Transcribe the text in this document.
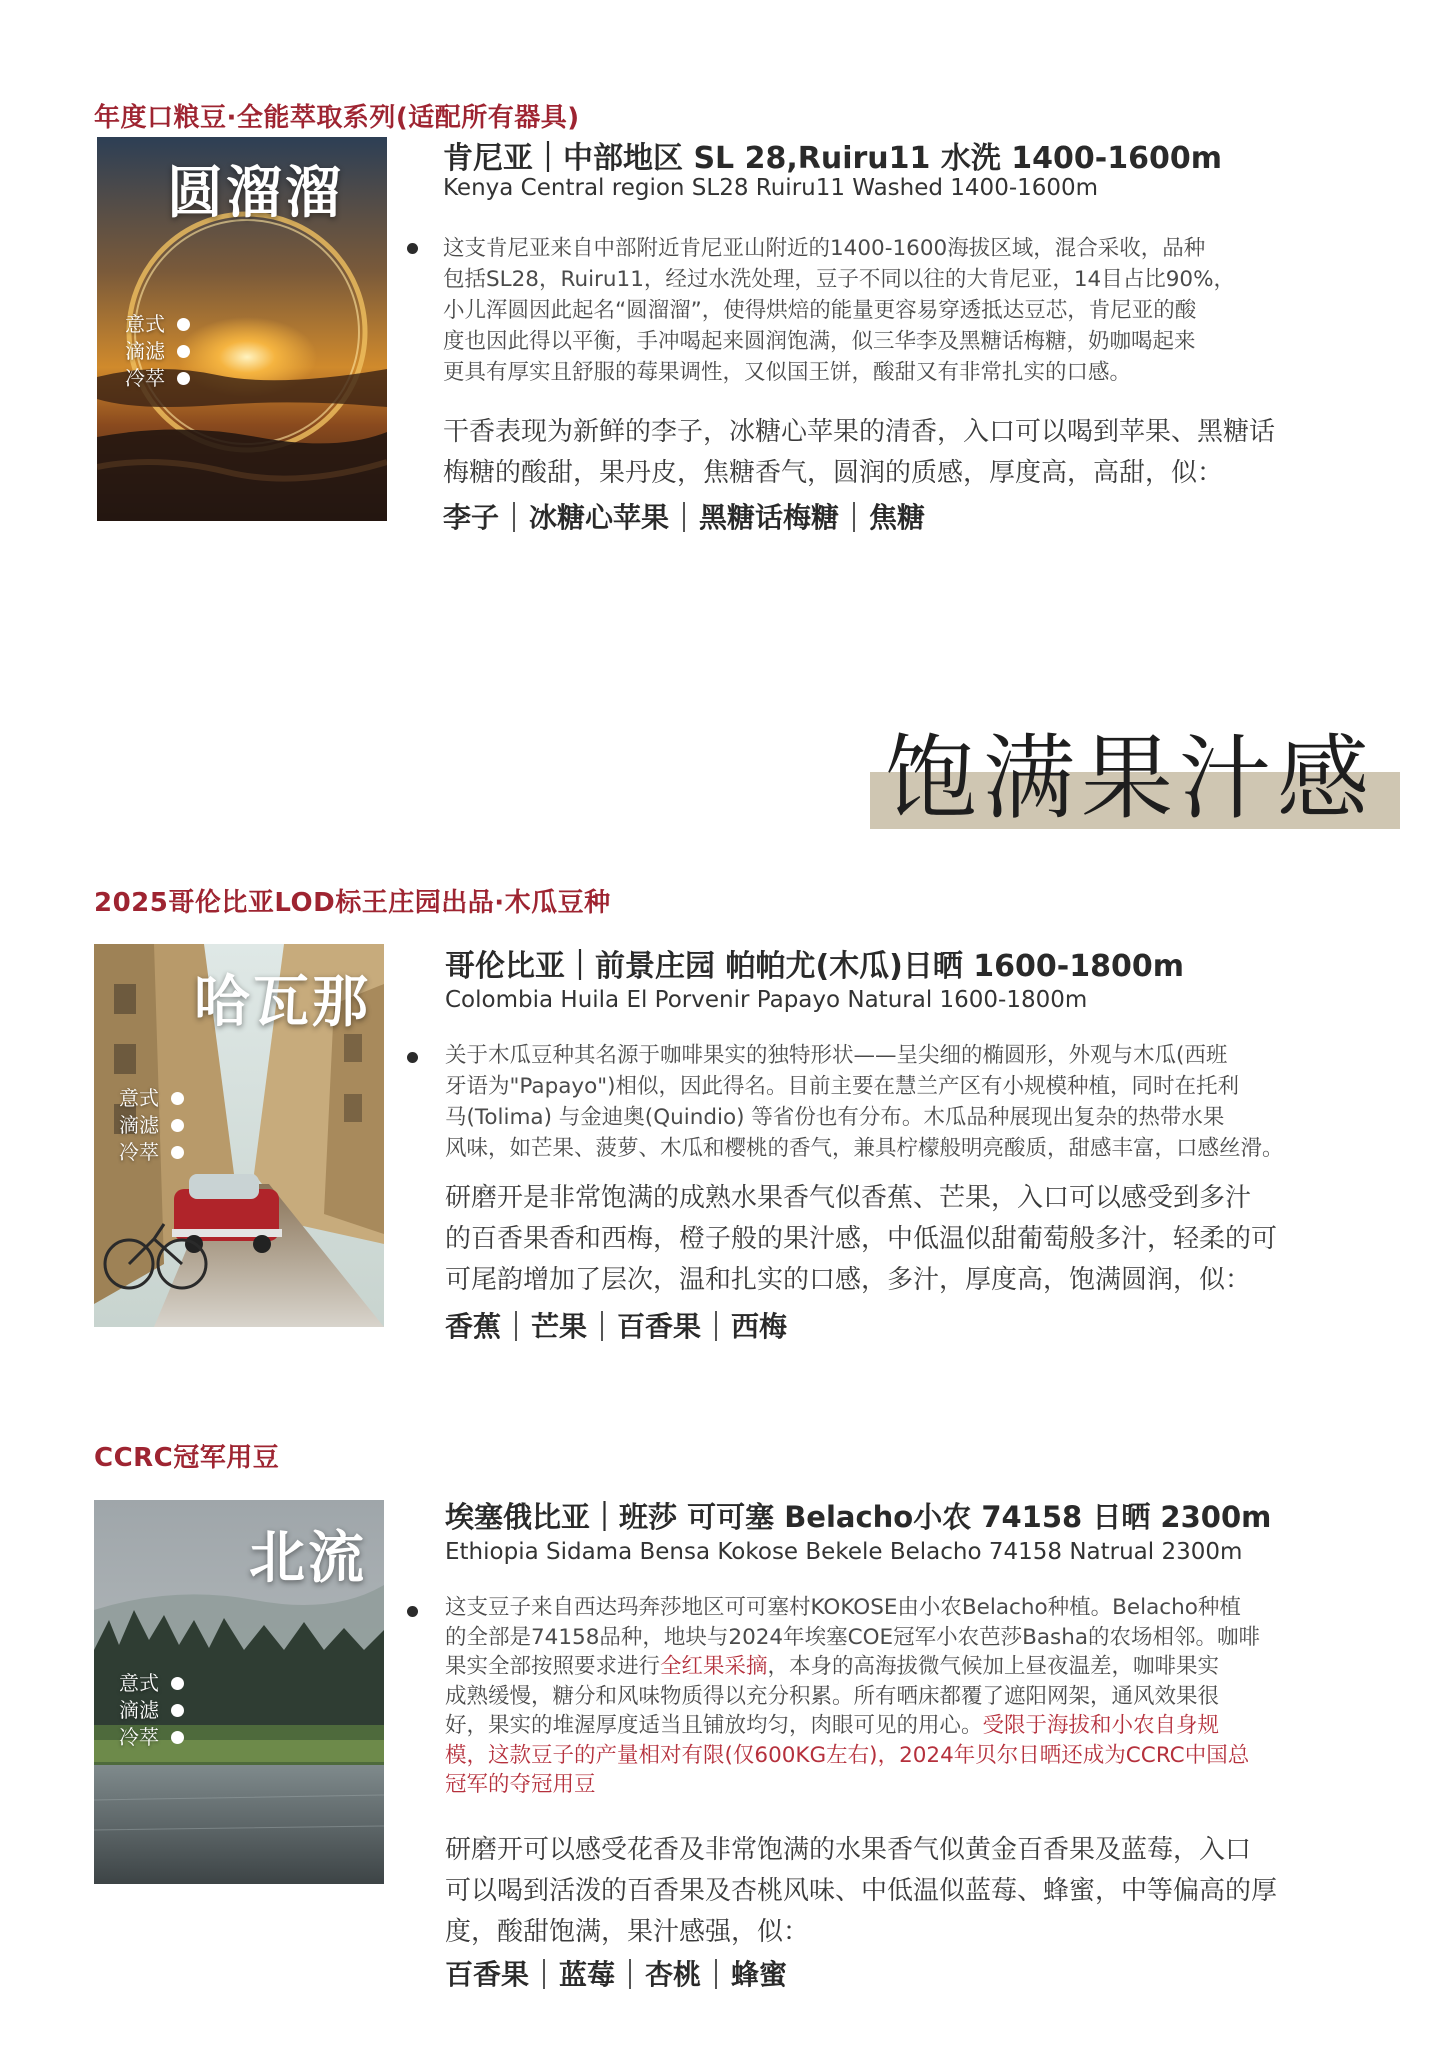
年度口粮豆·全能萃取系列(适配所有器具)
圆溜溜
意式
滴滤
冷萃
肯尼亚｜中部地区 SL 28,Ruiru11 水洗 1400-1600m
Kenya Central region SL28 Ruiru11 Washed 1400-1600m
这支肯尼亚来自中部附近肯尼亚山附近的1400-1600海拔区域，混合采收，品种
包括SL28，Ruiru11，经过水洗处理，豆子不同以往的大肯尼亚，14目占比90%，
小儿浑圆因此起名“圆溜溜”，使得烘焙的能量更容易穿透抵达豆芯，肯尼亚的酸
度也因此得以平衡，手冲喝起来圆润饱满，似三华李及黑糖话梅糖，奶咖喝起来
更具有厚实且舒服的莓果调性，又似国王饼，酸甜又有非常扎实的口感。
干香表现为新鲜的李子，冰糖心苹果的清香，入口可以喝到苹果、黑糖话
梅糖的酸甜，果丹皮，焦糖香气，圆润的质感，厚度高，高甜，似：
李子 冰糖心苹果 黑糖话梅糖 焦糖
饱满果汁感
2025哥伦比亚LOD标王庄园出品·木瓜豆种
哈瓦那
意式
滴滤
冷萃
哥伦比亚｜前景庄园 帕帕尤(木瓜)日晒 1600-1800m
Colombia Huila El Porvenir Papayo Natural 1600-1800m
关于木瓜豆种其名源于咖啡果实的独特形状——呈尖细的椭圆形，外观与木瓜(西班
牙语为"Papayo")相似，因此得名。目前主要在慧兰产区有小规模种植，同时在托利
马(Tolima) 与金迪奥(Quindio) 等省份也有分布。木瓜品种展现出复杂的热带水果
风味，如芒果、菠萝、木瓜和樱桃的香气，兼具柠檬般明亮酸质，甜感丰富，口感丝滑。
研磨开是非常饱满的成熟水果香气似香蕉、芒果，入口可以感受到多汁
的百香果香和西梅，橙子般的果汁感，中低温似甜葡萄般多汁，轻柔的可
可尾韵增加了层次，温和扎实的口感，多汁，厚度高，饱满圆润，似：
香蕉 芒果 百香果 西梅
CCRC冠军用豆
北流
意式
滴滤
冷萃
埃塞俄比亚｜班莎 可可塞 Belacho小农 74158 日晒 2300m
Ethiopia Sidama Bensa Kokose Bekele Belacho 74158 Natrual 2300m
这支豆子来自西达玛奔莎地区可可塞村KOKOSE由小农Belacho种植。Belacho种植
的全部是74158品种，地块与2024年埃塞COE冠军小农芭莎Basha的农场相邻。咖啡
果实全部按照要求进行全红果采摘，本身的高海拔微气候加上昼夜温差，咖啡果实
成熟缓慢，糖分和风味物质得以充分积累。所有晒床都覆了遮阳网架，通风效果很
好，果实的堆渥厚度适当且铺放均匀，肉眼可见的用心。受限于海拔和小农自身规
模，这款豆子的产量相对有限(仅600KG左右)，2024年贝尔日晒还成为CCRC中国总
冠军的夺冠用豆
研磨开可以感受花香及非常饱满的水果香气似黄金百香果及蓝莓，入口
可以喝到活泼的百香果及杏桃风味、中低温似蓝莓、蜂蜜，中等偏高的厚
度，酸甜饱满，果汁感强，似：
百香果 蓝莓 杏桃 蜂蜜
